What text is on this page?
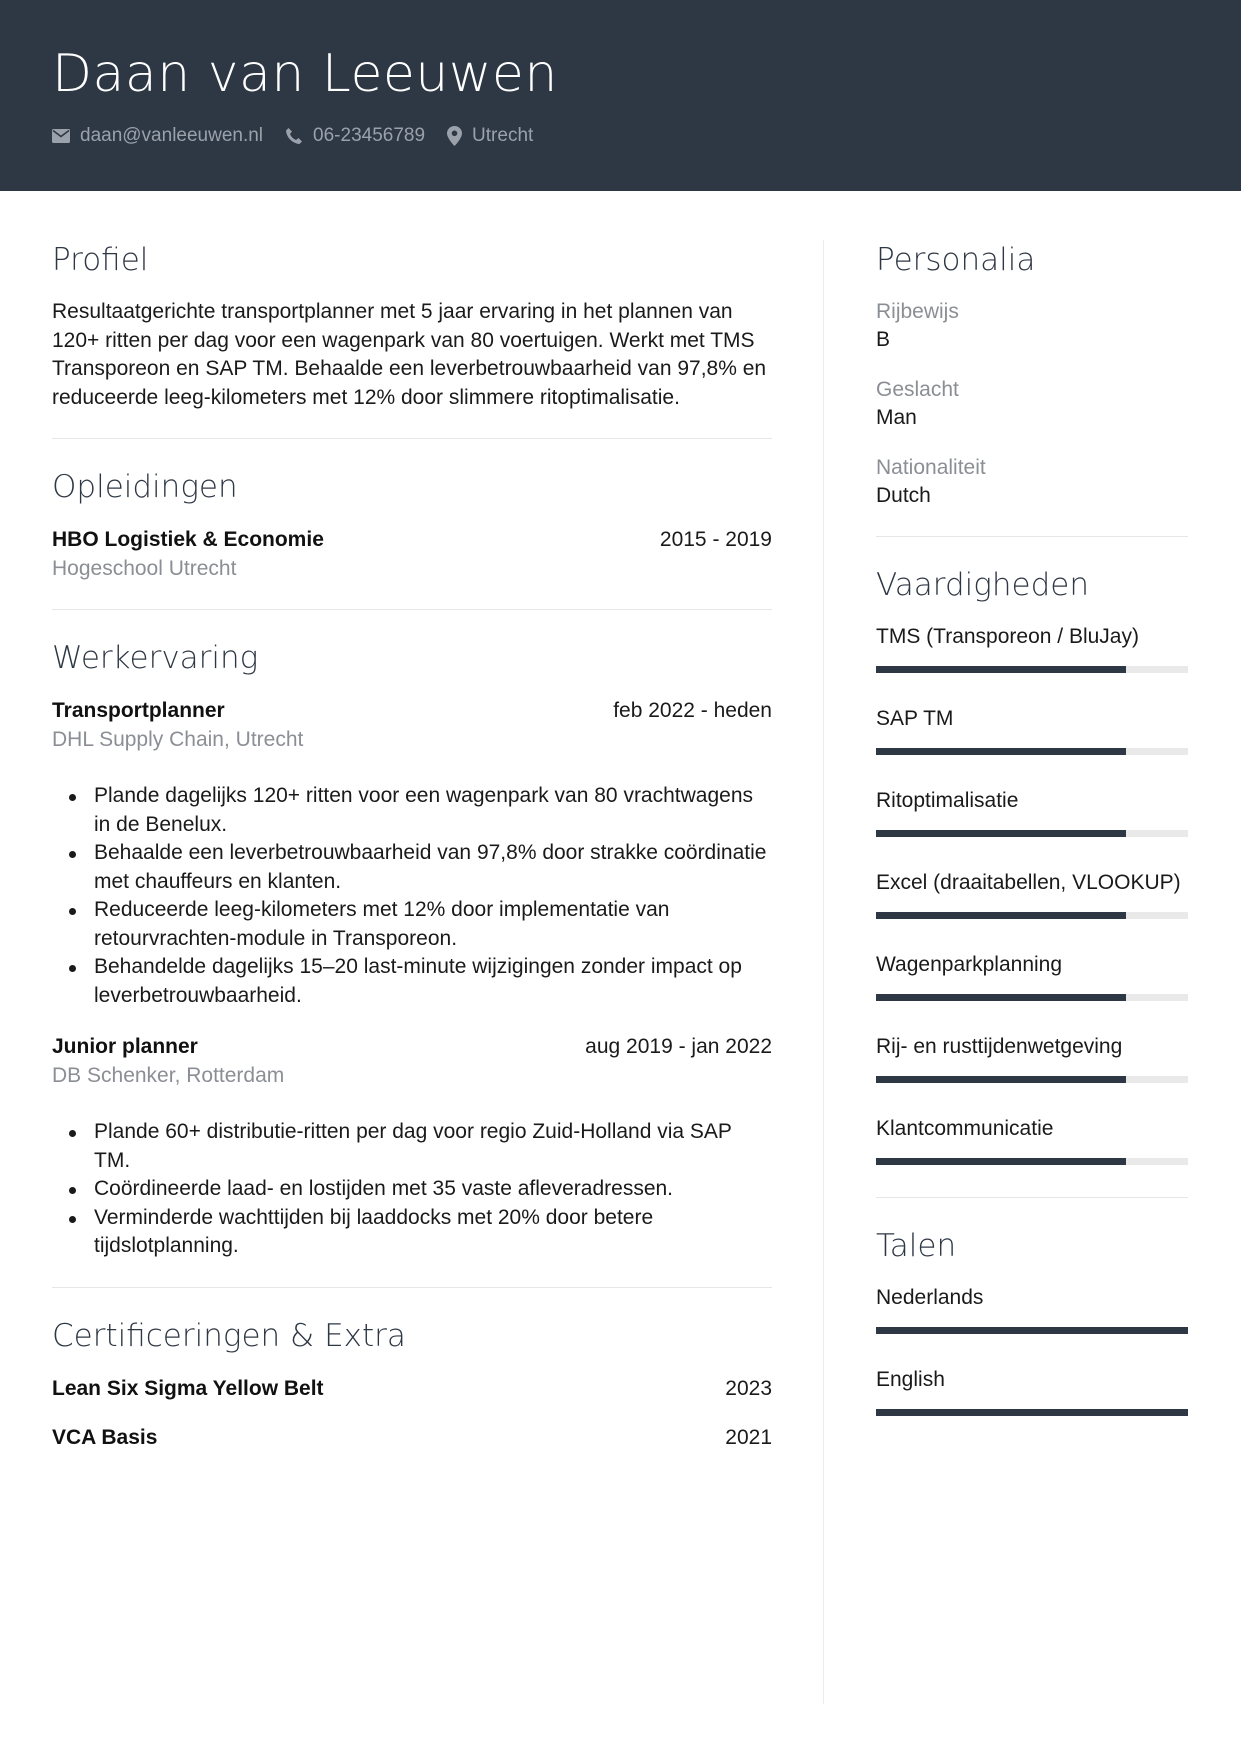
Daan van Leeuwen
daan@vanleeuwen.nl	06-23456789 Utrecht
Profiel

Resultaatgerichte transportplanner met 5 jaar ervaring in het plannen van 120+ ritten per dag voor een wagenpark van 80 voertuigen. Werkt met TMS Transporeon en SAP TM. Behaalde een leverbetrouwbaarheid van 97,8% en reduceerde leeg-kilometers met 12% door slimmere ritoptimalisatie.

Opleidingen
HBO Logistiek & Economie	2015 - 2019
Hogeschool Utrecht
Werkervaring
Transportplanner	feb 2022 - heden
DHL Supply Chain, Utrecht
Plande dagelijks 120+ ritten voor een wagenpark van 80 vrachtwagens in de Benelux.
Behaalde een leverbetrouwbaarheid van 97,8% door strakke coördinatie met chauffeurs en klanten.
Reduceerde leeg-kilometers met 12% door implementatie van retourvrachten-module in Transporeon.
Behandelde dagelijks 15–20 last-minute wijzigingen zonder impact op leverbetrouwbaarheid.
Junior planner	aug 2019 - jan 2022
DB Schenker, Rotterdam
Plande 60+ distributie-ritten per dag voor regio Zuid-Holland via SAP TM.
Coördineerde laad- en lostijden met 35 vaste afleveradressen.
Verminderde wachttijden bij laaddocks met 20% door betere tijdslotplanning.
Certificeringen & Extra
Lean Six Sigma Yellow Belt	2023
VCA Basis	2021
Personalia
Rijbewijs
B
Geslacht
Man
Nationaliteit
Dutch
Vaardigheden
TMS (Transporeon / BluJay)
SAP TM
Ritoptimalisatie
Excel (draaitabellen, VLOOKUP)
Wagenparkplanning
Rij- en rusttijdenwetgeving
Klantcommunicatie
Talen
Nederlands
English
